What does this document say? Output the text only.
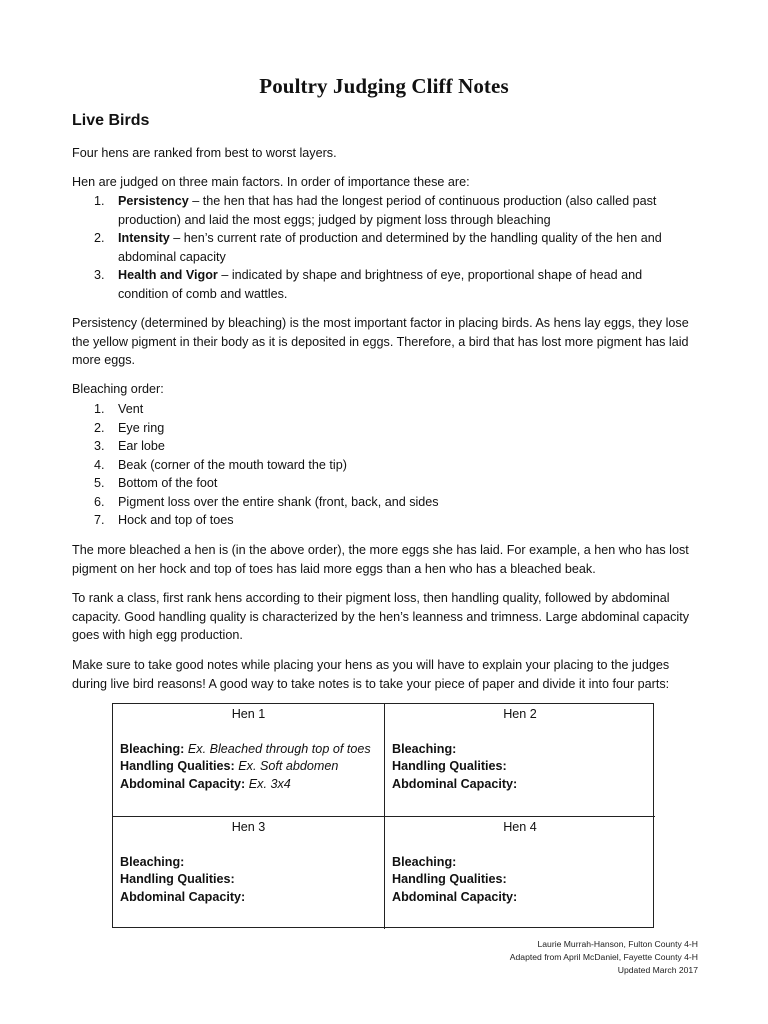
Poultry Judging Cliff Notes
Live Birds
Four hens are ranked from best to worst layers.
Hen are judged on three main factors. In order of importance these are:
1. Persistency – the hen that has had the longest period of continuous production (also called past production) and laid the most eggs; judged by pigment loss through bleaching
2. Intensity – hen’s current rate of production and determined by the handling quality of the hen and abdominal capacity
3. Health and Vigor – indicated by shape and brightness of eye, proportional shape of head and condition of comb and wattles.
Persistency (determined by bleaching) is the most important factor in placing birds. As hens lay eggs, they lose the yellow pigment in their body as it is deposited in eggs. Therefore, a bird that has lost more pigment has laid more eggs.
Bleaching order:
1. Vent
2. Eye ring
3. Ear lobe
4. Beak (corner of the mouth toward the tip)
5. Bottom of the foot
6. Pigment loss over the entire shank (front, back, and sides
7. Hock and top of toes
The more bleached a hen is (in the above order), the more eggs she has laid. For example, a hen who has lost pigment on her hock and top of toes has laid more eggs than a hen who has a bleached beak.
To rank a class, first rank hens according to their pigment loss, then handling quality, followed by abdominal capacity. Good handling quality is characterized by the hen’s leanness and trimness. Large abdominal capacity goes with high egg production.
Make sure to take good notes while placing your hens as you will have to explain your placing to the judges during live bird reasons! A good way to take notes is to take your piece of paper and divide it into four parts:
Hen 1
Bleaching: Ex. Bleached through top of toes
Handling Qualities: Ex. Soft abdomen
Abdominal Capacity: Ex. 3x4
Hen 2
Bleaching:
Handling Qualities:
Abdominal Capacity:
Hen 3
Bleaching:
Handling Qualities:
Abdominal Capacity:
Hen 4
Bleaching:
Handling Qualities:
Abdominal Capacity:
Laurie Murrah-Hanson, Fulton County 4-H
Adapted from April McDaniel, Fayette County 4-H
Updated March 2017
